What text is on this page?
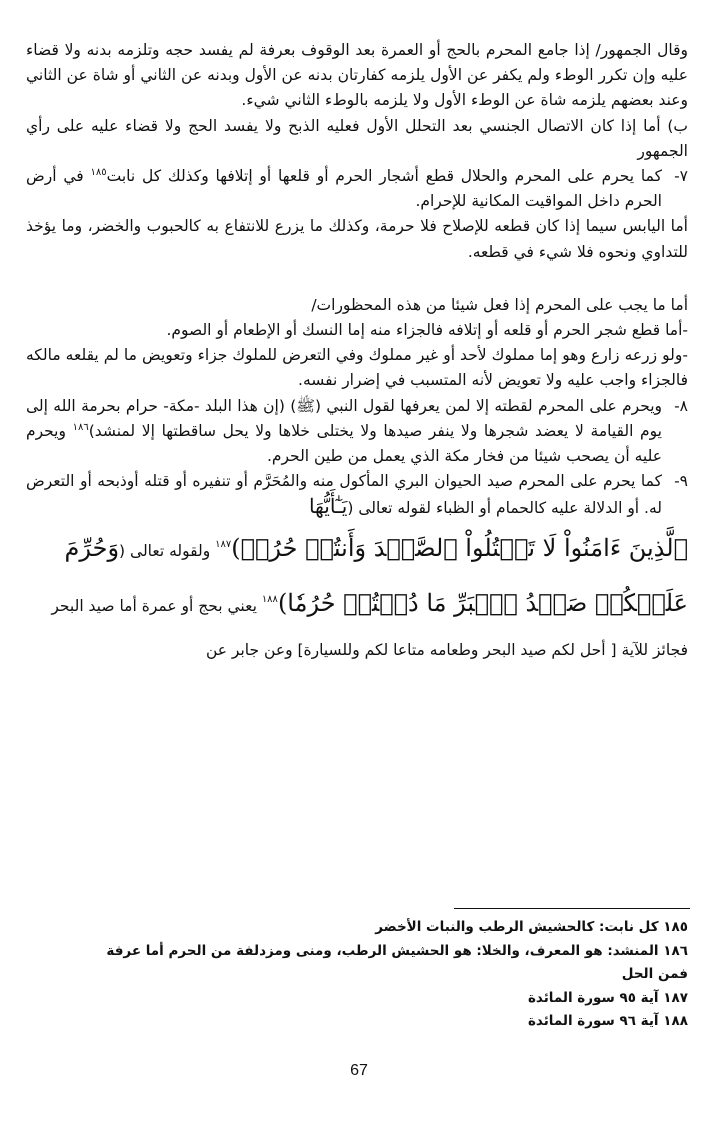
وقال الجمهور/ إذا جامع المحرم بالحج أو العمرة بعد الوقوف بعرفة لم يفسد حجه وتلزمه بدنه ولا قضاء عليه وإن تكرر الوطء ولم يكفر عن الأول يلزمه كفارتان بدنه عن الأول وبدنه عن الثاني أو شاة عن الثاني وعند بعضهم يلزمه شاة عن الوطء الأول ولا يلزمه بالوطء الثاني شيء.

ب) أما إذا كان الاتصال الجنسي بعد التحلل الأول فعليه الذبح ولا يفسد الحج ولا قضاء عليه على رأي الجمهور

٧-
كما يحرم على المحرم والحلال قطع أشجار الحرم أو قلعها أو إتلافها وكذلك كل نابت$^{١٨٥}$ في أرض الحرم داخل المواقيت المكانية للإحرام.

أما اليابس سيما إذا كان قطعه للإصلاح فلا حرمة، وكذلك ما يزرع للانتفاع به كالحبوب والخضر، وما يؤخذ للتداوي ونحوه فلا شيء في قطعه.

أما ما يجب على المحرم إذا فعل شيئا من هذه المحظورات/

-أما قطع شجر الحرم أو قلعه أو إتلافه فالجزاء منه إما النسك أو الإطعام أو الصوم.

-ولو زرعه زارع وهو إما مملوك لأحد أو غير مملوك وفي التعرض للملوك جزاء وتعويض ما لم يقلعه مالكه فالجزاء واجب عليه ولا تعويض لأنه المتسبب في إضرار نفسه.

٨-
ويحرم على المحرم لقطته إلا لمن يعرفها لقول النبي (ﷺ) (إن هذا البلد -مكة- حرام بحرمة الله إلى يوم القيامة لا يعضد شجرها ولا ينفر صيدها ولا يختلى خلاها ولا يحل ساقطتها إلا لمنشد)$^{١٨٦}$ ويحرم عليه أن يصحب شيئا من فخار مكة الذي يعمل من طين الحرم.
٩-
كما يحرم على المحرم صيد الحيوان البري المأكول منه والمُحَرَّم أو تنفيره أو قتله أوذبحه أو التعرض له. أو الدلالة عليه كالحمام أو الظباء لقوله تعالى (يَـٰٓأَيُّهَا

ٱلَّذِينَ ءَامَنُواْ لَا تَقۡتُلُواْ ٱلصَّيۡدَ وَأَنتُمۡ حُرُمٞ)$^{١٨٧}$ ولقوله تعالى (وَحُرِّمَ

عَلَيۡكُمۡ صَيۡدُ ٱلۡبَرِّ مَا دُمۡتُمۡ حُرُمٗا)$^{١٨٨}$ يعني بحج أو عمرة أما صيد البحر

فجائز للآية [ أحل لكم صيد البحر وطعامه متاعا لكم وللسيارة] وعن جابر عن

١٨٥ كل نابت: كالحشيش الرطب والنبات الأخضر

١٨٦ المنشد: هو المعرف، والخلا: هو الحشيش الرطب، ومنى ومزدلفة من الحرم أما عرفة فمن الحل

١٨٧ آية ٩٥ سورة المائدة

١٨٨ آية ٩٦ سورة المائدة

67
